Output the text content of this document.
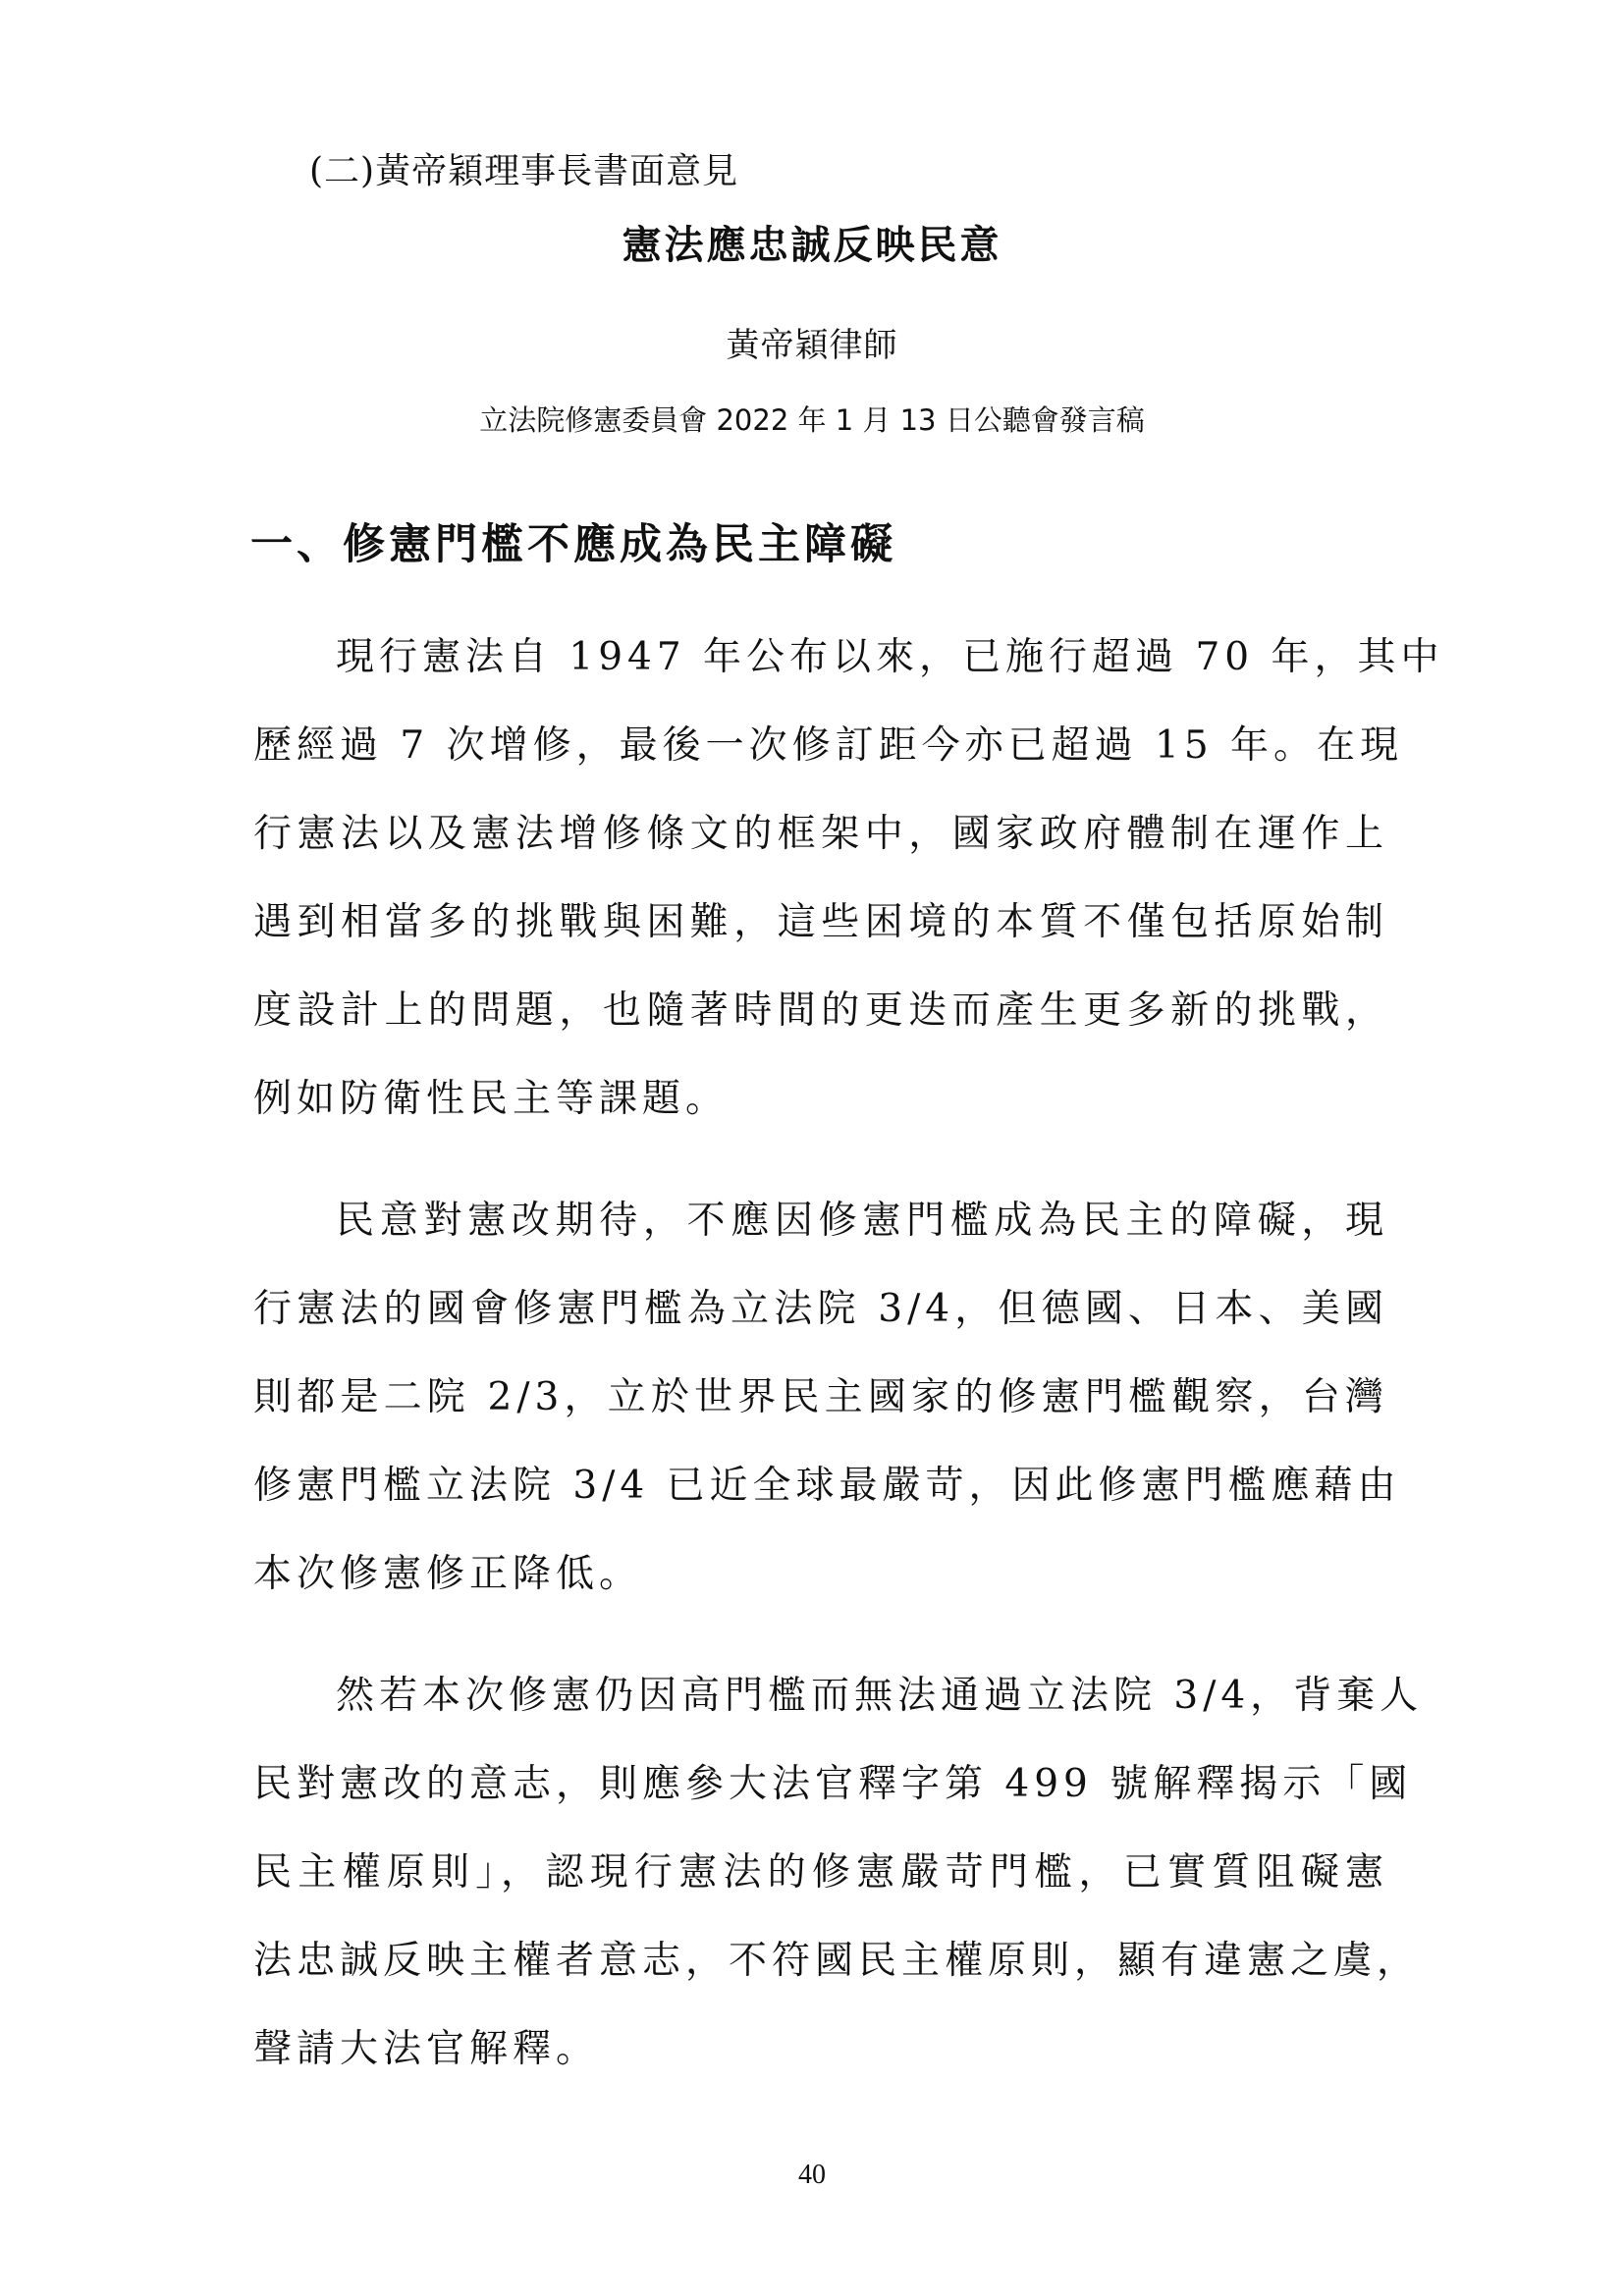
(二)黃帝穎理事長書面意見
憲法應忠誠反映民意
黃帝穎律師
立法院修憲委員會 2022 年 1 月 13 日公聽會發言稿
一、修憲門檻不應成為民主障礙
現行憲法自 1947 年公布以來，已施行超過 70 年，其中
歷經過 7 次增修，最後一次修訂距今亦已超過 15 年。在現
行憲法以及憲法增修條文的框架中，國家政府體制在運作上
遇到相當多的挑戰與困難，這些困境的本質不僅包括原始制
度設計上的問題，也隨著時間的更迭而產生更多新的挑戰，
例如防衛性民主等課題。
民意對憲改期待，不應因修憲門檻成為民主的障礙，現
行憲法的國會修憲門檻為立法院 3/4，但德國、日本、美國
則都是二院 2/3，立於世界民主國家的修憲門檻觀察，台灣
修憲門檻立法院 3/4 已近全球最嚴苛，因此修憲門檻應藉由
本次修憲修正降低。
然若本次修憲仍因高門檻而無法通過立法院 3/4，背棄人
民對憲改的意志，則應參大法官釋字第 499 號解釋揭示「國
民主權原則」，認現行憲法的修憲嚴苛門檻，已實質阻礙憲
法忠誠反映主權者意志，不符國民主權原則，顯有違憲之虞，
聲請大法官解釋。
40
